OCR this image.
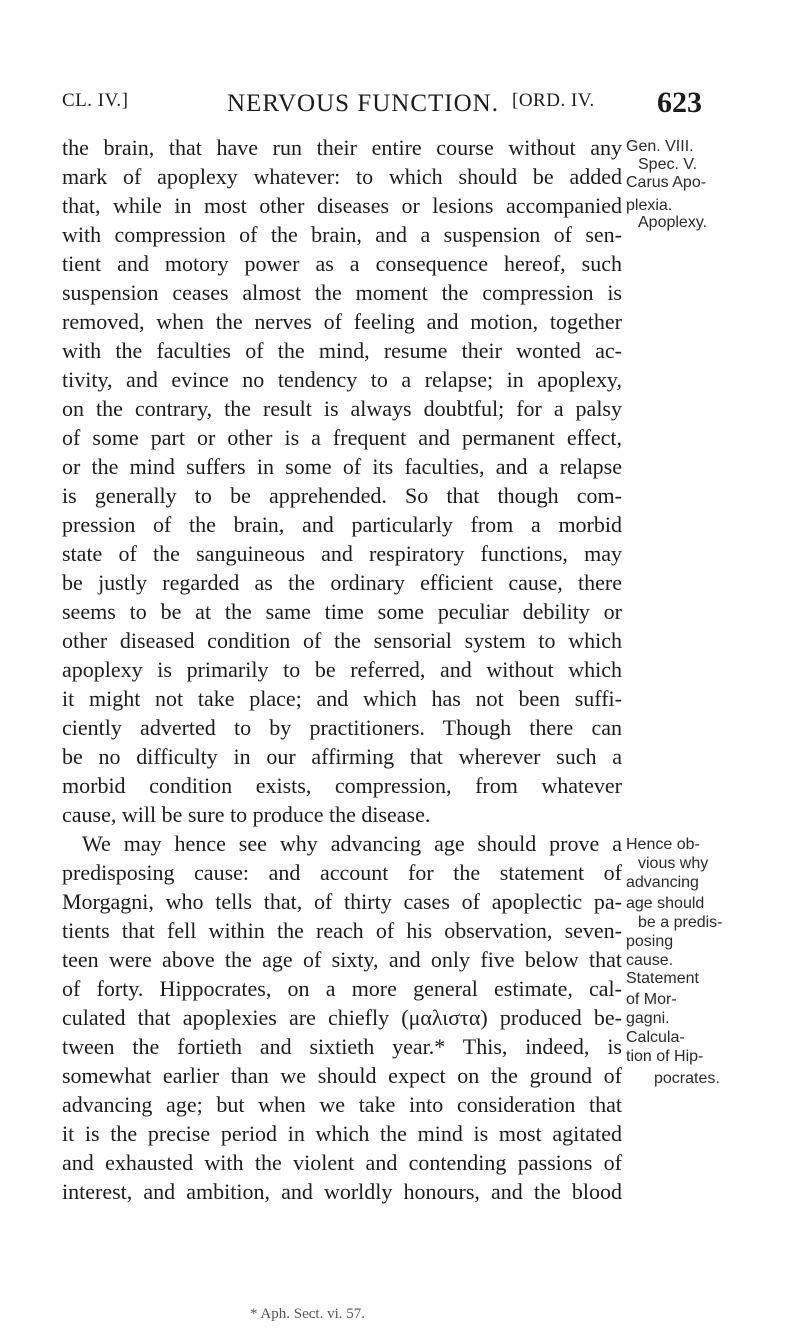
CL. IV.]	NERVOUS FUNCTION. [ORD. IV. 623
the brain, that have run their entire course without any
mark of apoplexy whatever: to which should be added
that, while in most other diseases or lesions accompanied
with compression of the brain, and a suspension of sen-
tient and motory power as a consequence hereof, such
suspension ceases almost the moment the compression is
removed, when the nerves of feeling and motion, together
with the faculties of the mind, resume their wonted ac-
tivity, and evince no tendency to a relapse; in apoplexy,
on the contrary, the result is always doubtful; for a palsy
of some part or other is a frequent and permanent effect,
or the mind suffers in some of its faculties, and a relapse
is generally to be apprehended. So that though com-
pression of the brain, and particularly from a morbid
state of the sanguineous and respiratory functions, may
be justly regarded as the ordinary efficient cause, there
seems to be at the same time some peculiar debility or
other diseased condition of the sensorial system to which
apoplexy is primarily to be referred, and without which
it might not take place; and which has not been suffi-
ciently adverted to by practitioners. Though there can
be no difficulty in our affirming that wherever such a
morbid condition exists, compression, from whatever
cause, will be sure to produce the disease.
We may hence see why advancing age should prove a
predisposing cause: and account for the statement of
Morgagni, who tells that, of thirty cases of apoplectic pa-
tients that fell within the reach of his observation, seven-
teen were above the age of sixty, and only five below that
of forty. Hippocrates, on a more general estimate, cal-
culated that apoplexies are chiefly (μαλιστα) produced be-
tween the fortieth and sixtieth year.* This, indeed, is
somewhat earlier than we should expect on the ground of
advancing age; but when we take into consideration that
it is the precise period in which the mind is most agitated
and exhausted with the violent and contending passions of
interest, and ambition, and worldly honours, and the blood
Gen. VIII.
Spec. V.
Carus Apo-
plexia.
Apoplexy.
Hence ob-
vious why
advancing
age should
be a predis-
posing
cause.
Statement
of Mor-
gagni.
Calcula-
tion of Hip-
pocrates.
* Aph. Sect. vi. 57.
